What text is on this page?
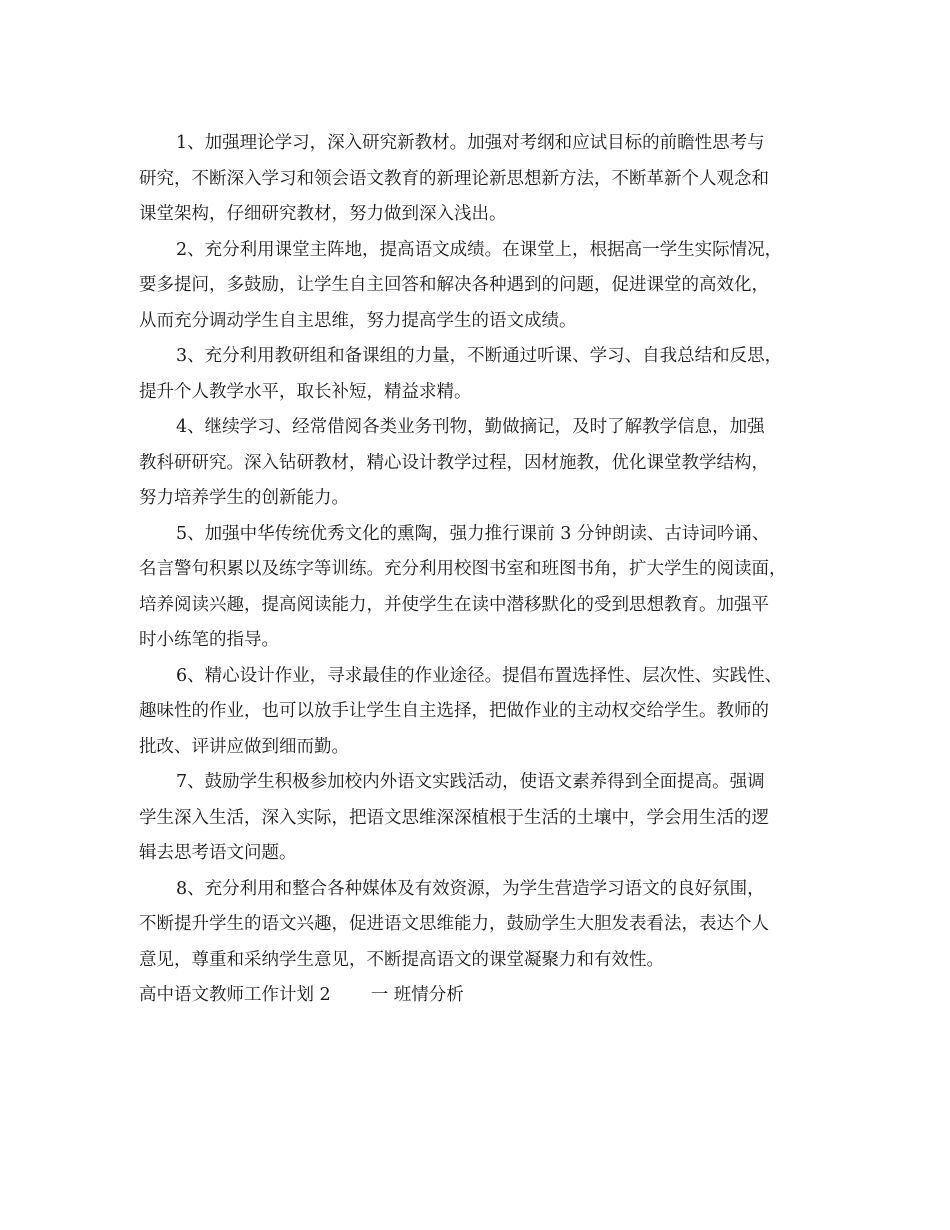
1、加强理论学习，深入研究新教材。加强对考纲和应试目标的前瞻性思考与
研究，不断深入学习和领会语文教育的新理论新思想新方法，不断革新个人观念和
课堂架构，仔细研究教材，努力做到深入浅出。
2、充分利用课堂主阵地，提高语文成绩。在课堂上，根据高一学生实际情况，
要多提问，多鼓励，让学生自主回答和解决各种遇到的问题，促进课堂的高效化，
从而充分调动学生自主思维，努力提高学生的语文成绩。
3、充分利用教研组和备课组的力量，不断通过听课、学习、自我总结和反思，
提升个人教学水平，取长补短，精益求精。
4、继续学习、经常借阅各类业务刊物，勤做摘记，及时了解教学信息，加强
教科研研究。深入钻研教材，精心设计教学过程，因材施教，优化课堂教学结构，
努力培养学生的创新能力。
5、加强中华传统优秀文化的熏陶，强力推行课前 3 分钟朗读、古诗词吟诵、
名言警句积累以及练字等训练。充分利用校图书室和班图书角，扩大学生的阅读面，
培养阅读兴趣，提高阅读能力，并使学生在读中潜移默化的受到思想教育。加强平
时小练笔的指导。
6、精心设计作业，寻求最佳的作业途径。提倡布置选择性、层次性、实践性、
趣味性的作业，也可以放手让学生自主选择，把做作业的主动权交给学生。教师的
批改、评讲应做到细而勤。
7、鼓励学生积极参加校内外语文实践活动，使语文素养得到全面提高。强调
学生深入生活，深入实际，把语文思维深深植根于生活的土壤中，学会用生活的逻
辑去思考语文问题。
8、充分利用和整合各种媒体及有效资源，为学生营造学习语文的良好氛围，
不断提升学生的语文兴趣，促进语文思维能力，鼓励学生大胆发表看法，表达个人
意见，尊重和采纳学生意见，不断提高语文的课堂凝聚力和有效性。
高中语文教师工作计划 2 一 班情分析
